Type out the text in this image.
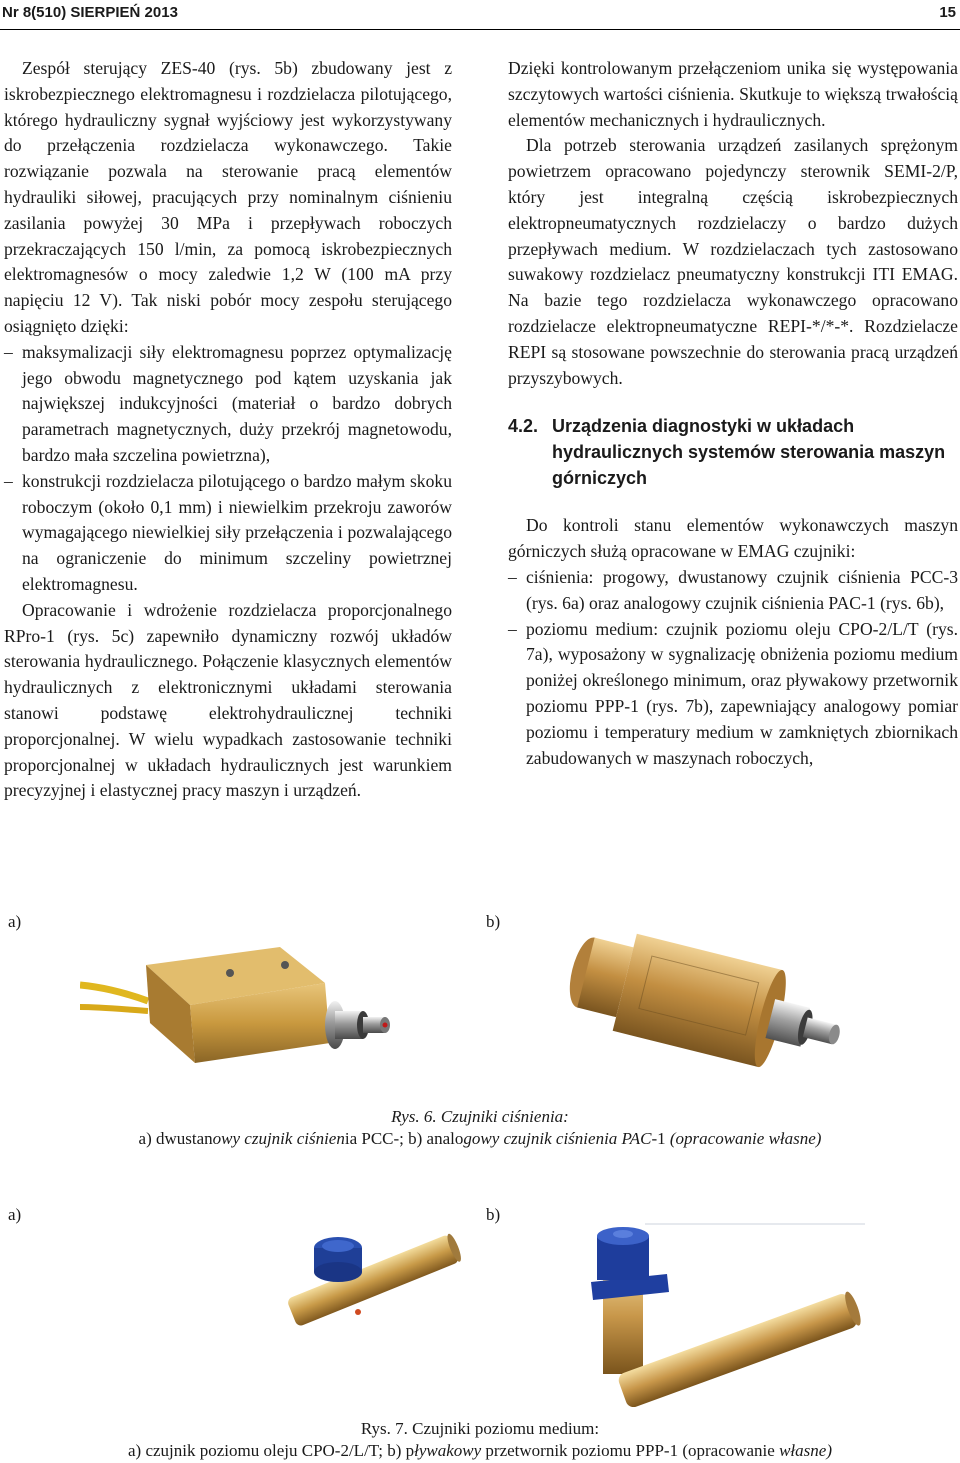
Nr 8(510) SIERPIEŃ 2013	15

Zespół sterujący ZES-40 (rys. 5b) zbudowany jest z iskrobezpiecznego elektromagnesu i rozdzielacza pilotującego, którego hydrauliczny sygnał wyjściowy jest wykorzystywany do przełączenia rozdzielacza wykonawczego. Takie rozwiązanie pozwala na sterowanie pracą elementów hydrauliki siłowej, pracujących przy nominalnym ciśnieniu zasilania powyżej 30 MPa i przepływach roboczych przekraczających 150 l/min, za pomocą iskrobezpiecznych elektromagnesów o mocy zaledwie 1,2 W (100 mA przy napięciu 12 V). Tak niski pobór mocy zespołu sterującego osiągnięto dzięki:

– maksymalizacji siły elektromagnesu poprzez optymalizację jego obwodu magnetycznego pod kątem uzyskania jak największej indukcyjności (materiał o bardzo dobrych parametrach magnetycznych, duży przekrój magnetowodu, bardzo mała szczelina powietrzna),
– konstrukcji rozdzielacza pilotującego o bardzo małym skoku roboczym (około 0,1 mm) i niewielkim przekroju zaworów wymagającego niewielkiej siły przełączenia i pozwalającego na ograniczenie do minimum szczeliny powietrznej elektromagnesu.

Opracowanie i wdrożenie rozdzielacza proporcjonalnego RPro-1 (rys. 5c) zapewniło dynamiczny rozwój układów sterowania hydraulicznego. Połączenie klasycznych elementów hydraulicznych z elektronicznymi układami sterowania stanowi podstawę elektrohydraulicznej techniki proporcjonalnej. W wielu wypadkach zastosowanie techniki proporcjonalnej w układach hydraulicznych jest warunkiem precyzyjnej i elastycznej pracy maszyn i urządzeń.

Dzięki kontrolowanym przełączeniom unika się występowania szczytowych wartości ciśnienia. Skutkuje to większą trwałością elementów mechanicznych i hydraulicznych.

Dla potrzeb sterowania urządzeń zasilanych sprężonym powietrzem opracowano pojedynczy sterownik SEMI-2/P, który jest integralną częścią iskrobezpiecznych elektropneumatycznych rozdzielaczy o bardzo dużych przepływach medium. W rozdzielaczach tych zastosowano suwakowy rozdzielacz pneumatyczny konstrukcji ITI EMAG. Na bazie tego rozdzielacza wykonawczego opracowano rozdzielacze elektropneumatyczne REPI-*/*-*. Rozdzielacze REPI są stosowane powszechnie do sterowania pracą urządzeń przyszybowych.

4.2. Urządzenia diagnostyki w układach hydraulicznych systemów sterowania maszyn górniczych

Do kontroli stanu elementów wykonawczych maszyn górniczych służą opracowane w EMAG czujniki:

– ciśnienia: progowy, dwustanowy czujnik ciśnienia PCC-3 (rys. 6a) oraz analogowy czujnik ciśnienia PAC-1 (rys. 6b),
– poziomu medium: czujnik poziomu oleju CPO-2/L/T (rys. 7a), wyposażony w sygnalizację obniżenia poziomu medium poniżej określonego minimum, oraz pływakowy przetwornik poziomu PPP-1 (rys. 7b), zapewniający analogowy pomiar poziomu i temperatury medium w zamkniętych zbiornikach zabudowanych w maszynach roboczych,
a)	b)
Rys. 6. Czujniki ciśnienia:
a) dwustanowy czujnik ciśnienia PCC-; b) analogowy czujnik ciśnienia PAC-1 (opracowanie własne)
a)	b)
Rys. 7. Czujniki poziomu medium:
a) czujnik poziomu oleju CPO-2/L/T; b) pływakowy przetwornik poziomu PPP-1 (opracowanie własne)
